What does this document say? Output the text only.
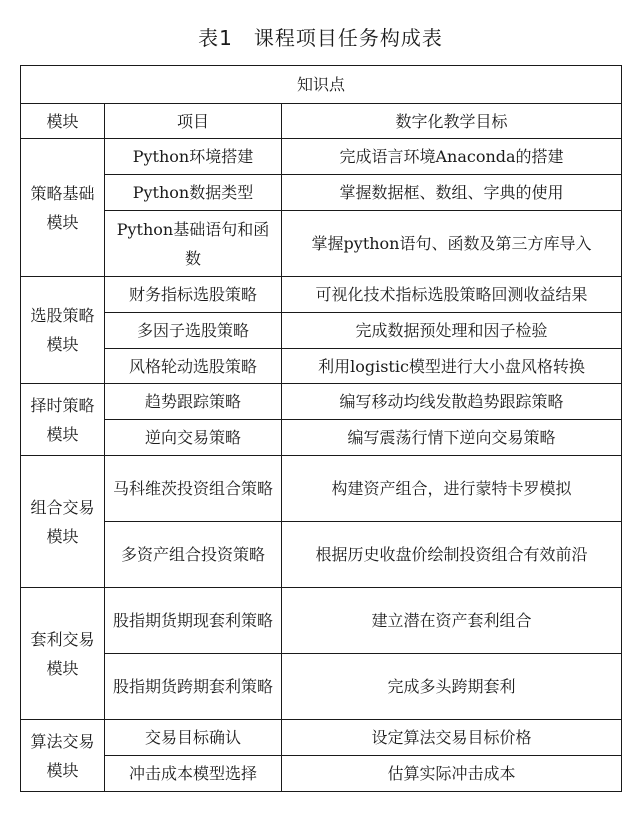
表1　课程项目任务构成表
知识点		
模块	项目	数字化教学目标
策略基础模块	Python环境搭建	完成语言环境Anaconda的搭建
	Python数据类型	掌握数据框、数组、字典的使用
	Python基础语句和函数	掌握python语句、函数及第三方库导入
选股策略模块	财务指标选股策略	可视化技术指标选股策略回测收益结果
	多因子选股策略	完成数据预处理和因子检验
	风格轮动选股策略	利用logistic模型进行大小盘风格转换
择时策略模块	趋势跟踪策略	编写移动均线发散趋势跟踪策略
	逆向交易策略	编写震荡行情下逆向交易策略
组合交易模块	马科维茨投资组合策略	构建资产组合，进行蒙特卡罗模拟
	多资产组合投资策略	根据历史收盘价绘制投资组合有效前沿
套利交易模块	股指期货期现套利策略	建立潜在资产套利组合
	股指期货跨期套利策略	完成多头跨期套利
算法交易模块	交易目标确认	设定算法交易目标价格
	冲击成本模型选择	估算实际冲击成本
